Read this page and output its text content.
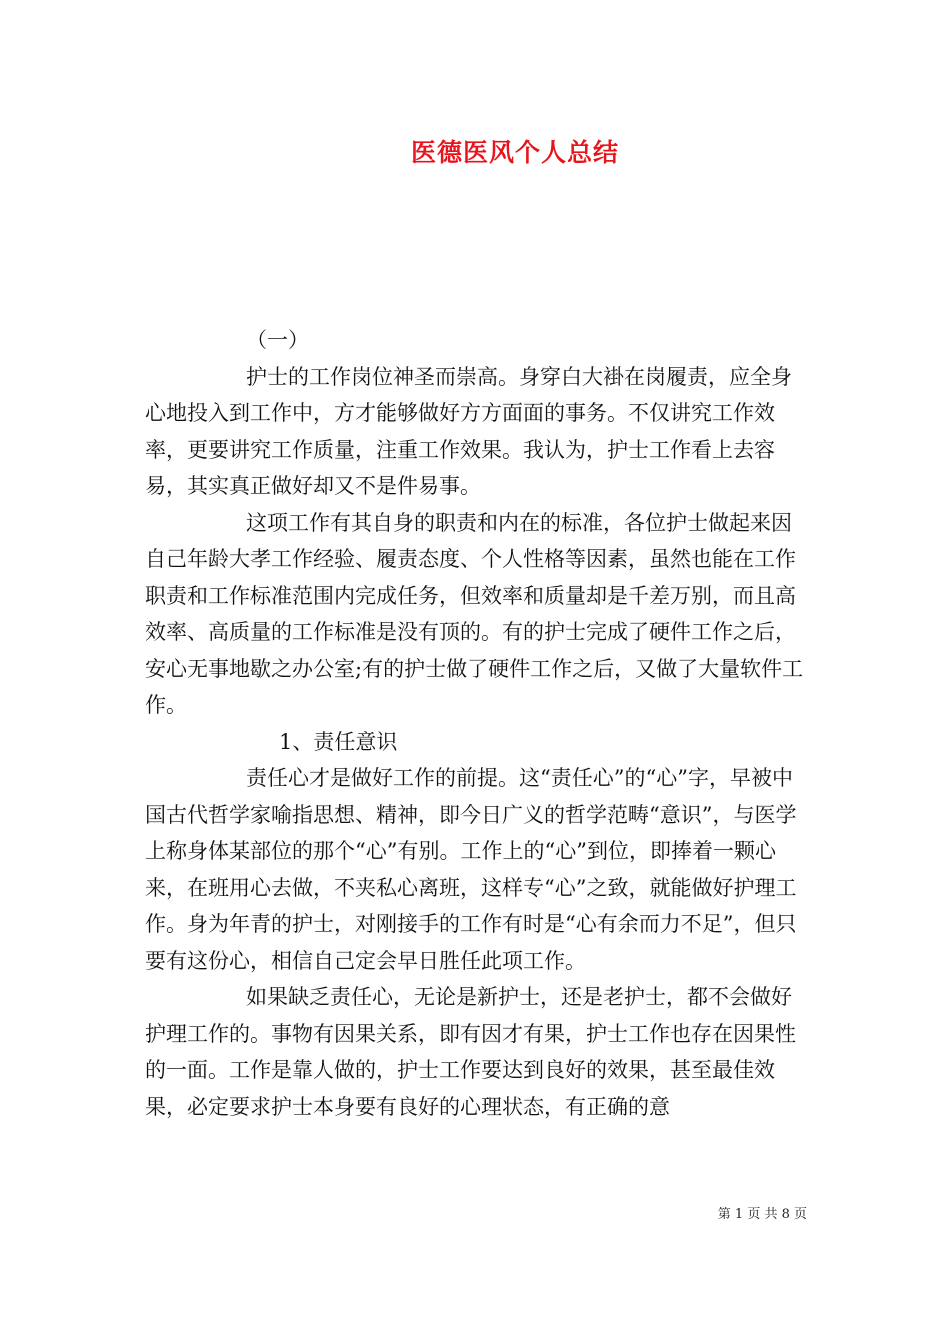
医德医风个人总结

（一）

护士的工作岗位神圣而崇高。身穿白大褂在岗履责，应全身心地投入到工作中，方才能够做好方方面面的事务。不仅讲究工作效率，更要讲究工作质量，注重工作效果。我认为，护士工作看上去容易，其实真正做好却又不是件易事。

这项工作有其自身的职责和内在的标准，各位护士做起来因自己年龄大孝工作经验、履责态度、个人性格等因素，虽然也能在工作职责和工作标准范围内完成任务，但效率和质量却是千差万别，而且高效率、高质量的工作标准是没有顶的。有的护士完成了硬件工作之后，安心无事地歇之办公室;有的护士做了硬件工作之后，又做了大量软件工作。

1、责任意识

责任心才是做好工作的前提。这“责任心”的“心”字，早被中国古代哲学家喻指思想、精神，即今日广义的哲学范畴“意识”，与医学上称身体某部位的那个“心”有别。工作上的“心”到位，即捧着一颗心来，在班用心去做，不夹私心离班，这样专“心”之致，就能做好护理工作。身为年青的护士，对刚接手的工作有时是“心有余而力不足”，但只要有这份心，相信自己定会早日胜任此项工作。

如果缺乏责任心，无论是新护士，还是老护士，都不会做好护理工作的。事物有因果关系，即有因才有果，护士工作也存在因果性的一面。工作是靠人做的，护士工作要达到良好的效果，甚至最佳效果，必定要求护士本身要有良好的心理状态，有正确的意

第 1 页 共 8 页
